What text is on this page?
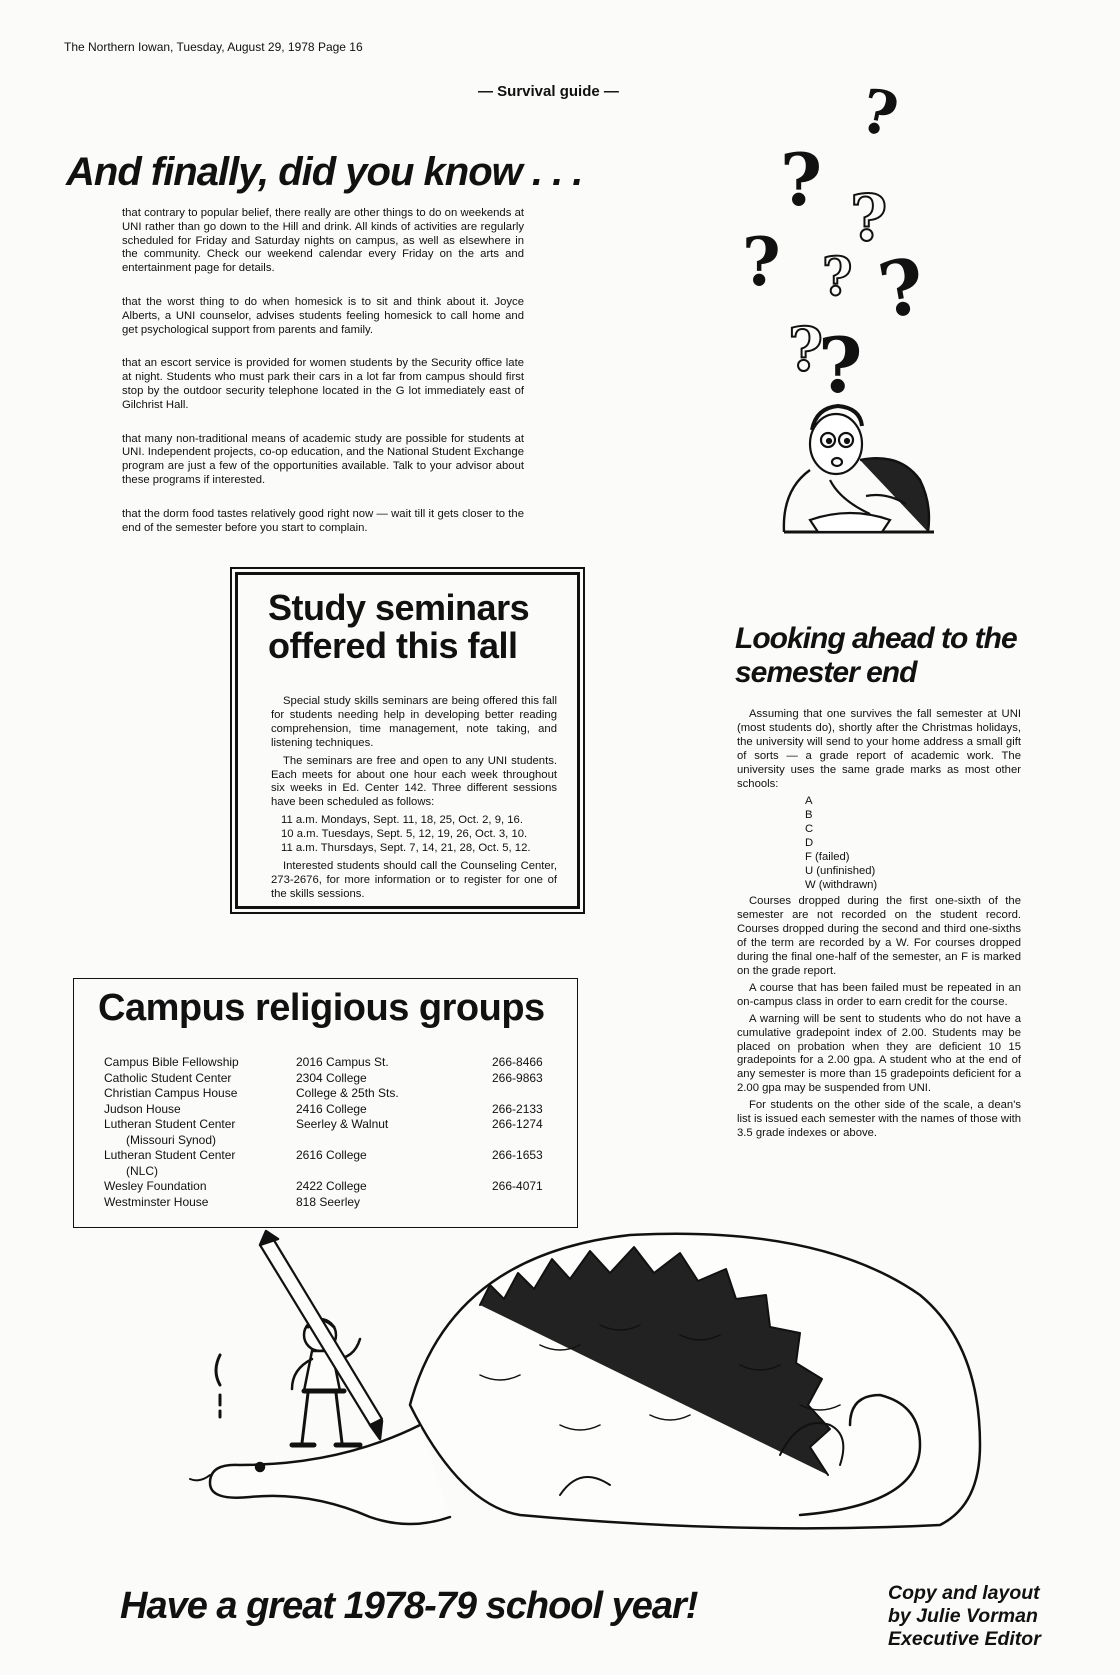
The Northern Iowan, Tuesday, August 29, 1978 Page 16
— Survival guide —
And finally, did you know . . .

that contrary to popular belief, there really are other things to do on weekends at UNI rather than go down to the Hill and drink. All kinds of activities are regularly scheduled for Friday and Saturday nights on campus, as well as elsewhere in the community. Check our weekend calendar every Friday on the arts and entertainment page for details.

that the worst thing to do when homesick is to sit and think about it. Joyce Alberts, a UNI counselor, advises students feeling homesick to call home and get psychological support from parents and family.

that an escort service is provided for women students by the Security office late at night. Students who must park their cars in a lot far from campus should first stop by the outdoor security telephone located in the G lot immediately east of Gilchrist Hall.

that many non-traditional means of academic study are possible for students at UNI. Independent projects, co-op education, and the National Student Exchange program are just a few of the opportunities available. Talk to your advisor about these programs if interested.

that the dorm food tastes relatively good right now — wait till it gets closer to the end of the semester before you start to complain.

?
? ?
? ? ?
?
?
Study seminars offered this fall

Special study skills seminars are being offered this fall for students needing help in developing better reading comprehension, time management, note taking, and listening techniques.

The seminars are free and open to any UNI students. Each meets for about one hour each week throughout six weeks in Ed. Center 142. Three different sessions have been scheduled as follows:

11 a.m. Mondays, Sept. 11, 18, 25, Oct. 2, 9, 16.

10 a.m. Tuesdays, Sept. 5, 12, 19, 26, Oct. 3, 10.

11 a.m. Thursdays, Sept. 7, 14, 21, 28, Oct. 5, 12.

Interested students should call the Counseling Center, 273-2676, for more information or to register for one of the skills sessions.

Looking ahead to the semester end

Assuming that one survives the fall semester at UNI (most students do), shortly after the Christmas holidays, the university will send to your home address a small gift of sorts — a grade report of academic work. The university uses the same grade marks as most other schools:

A
B
C
D
F (failed)
U (unfinished)
W (withdrawn)

Courses dropped during the first one-sixth of the semester are not recorded on the student record. Courses dropped during the second and third one-sixths of the term are recorded by a W. For courses dropped during the final one-half of the semester, an F is marked on the grade report.

A course that has been failed must be repeated in an on-campus class in order to earn credit for the course.

A warning will be sent to students who do not have a cumulative gradepoint index of 2.00. Students may be placed on probation when they are deficient 10 15 gradepoints for a 2.00 gpa. A student who at the end of any semester is more than 15 gradepoints deficient for a 2.00 gpa may be suspended from UNI.

For students on the other side of the scale, a dean's list is issued each semester with the names of those with 3.5 grade indexes or above.

Campus religious groups
Campus Bible Fellowship	2016 Campus St.	266-8466
Catholic Student Center	2304 College	266-9863
Christian Campus House	College & 25th Sts.
Judson House	2416 College	266-2133
Lutheran Student Center	Seerley & Walnut	266-1274
(Missouri Synod)
Lutheran Student Center	2616 College	266-1653
(NLC)
Wesley Foundation	2422 College	266-4071
Westminster House	818 Seerley
Have a great 1978-79 school year!	Copy and layout
by Julie Vorman
Executive Editor
